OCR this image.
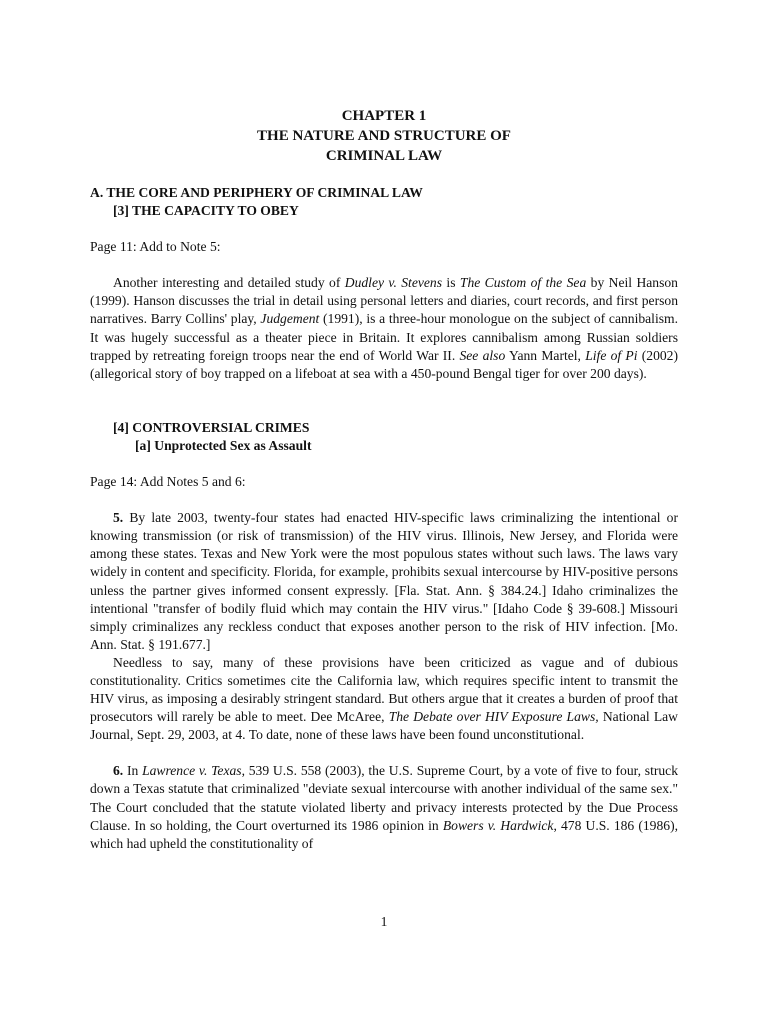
CHAPTER 1
THE NATURE AND STRUCTURE OF
CRIMINAL LAW
A. THE CORE AND PERIPHERY OF CRIMINAL LAW
[3] THE CAPACITY TO OBEY
Page 11: Add to Note 5:

Another interesting and detailed study of Dudley v. Stevens is The Custom of the Sea by Neil Hanson (1999). Hanson discusses the trial in detail using personal letters and diaries, court records, and first person narratives. Barry Collins' play, Judgement (1991), is a three-hour monologue on the subject of cannibalism. It was hugely successful as a theater piece in Britain. It explores cannibalism among Russian soldiers trapped by retreating foreign troops near the end of World War II. See also Yann Martel, Life of Pi (2002) (allegorical story of boy trapped on a lifeboat at sea with a 450-pound Bengal tiger for over 200 days).

[4] CONTROVERSIAL CRIMES
[a] Unprotected Sex as Assault
Page 14: Add Notes 5 and 6:

5. By late 2003, twenty-four states had enacted HIV-specific laws criminalizing the intentional or knowing transmission (or risk of transmission) of the HIV virus. Illinois, New Jersey, and Florida were among these states. Texas and New York were the most populous states without such laws. The laws vary widely in content and specificity. Florida, for example, prohibits sexual intercourse by HIV-positive persons unless the partner gives informed consent expressly. [Fla. Stat. Ann. § 384.24.] Idaho criminalizes the intentional "transfer of bodily fluid which may contain the HIV virus." [Idaho Code § 39-608.] Missouri simply criminalizes any reckless conduct that exposes another person to the risk of HIV infection. [Mo. Ann. Stat. § 191.677.]

Needless to say, many of these provisions have been criticized as vague and of dubious constitutionality. Critics sometimes cite the California law, which requires specific intent to transmit the HIV virus, as imposing a desirably stringent standard. But others argue that it creates a burden of proof that prosecutors will rarely be able to meet. Dee McAree, The Debate over HIV Exposure Laws, National Law Journal, Sept. 29, 2003, at 4. To date, none of these laws have been found unconstitutional.

6. In Lawrence v. Texas, 539 U.S. 558 (2003), the U.S. Supreme Court, by a vote of five to four, struck down a Texas statute that criminalized "deviate sexual intercourse with another individual of the same sex." The Court concluded that the statute violated liberty and privacy interests protected by the Due Process Clause. In so holding, the Court overturned its 1986 opinion in Bowers v. Hardwick, 478 U.S. 186 (1986), which had upheld the constitutionality of

1
